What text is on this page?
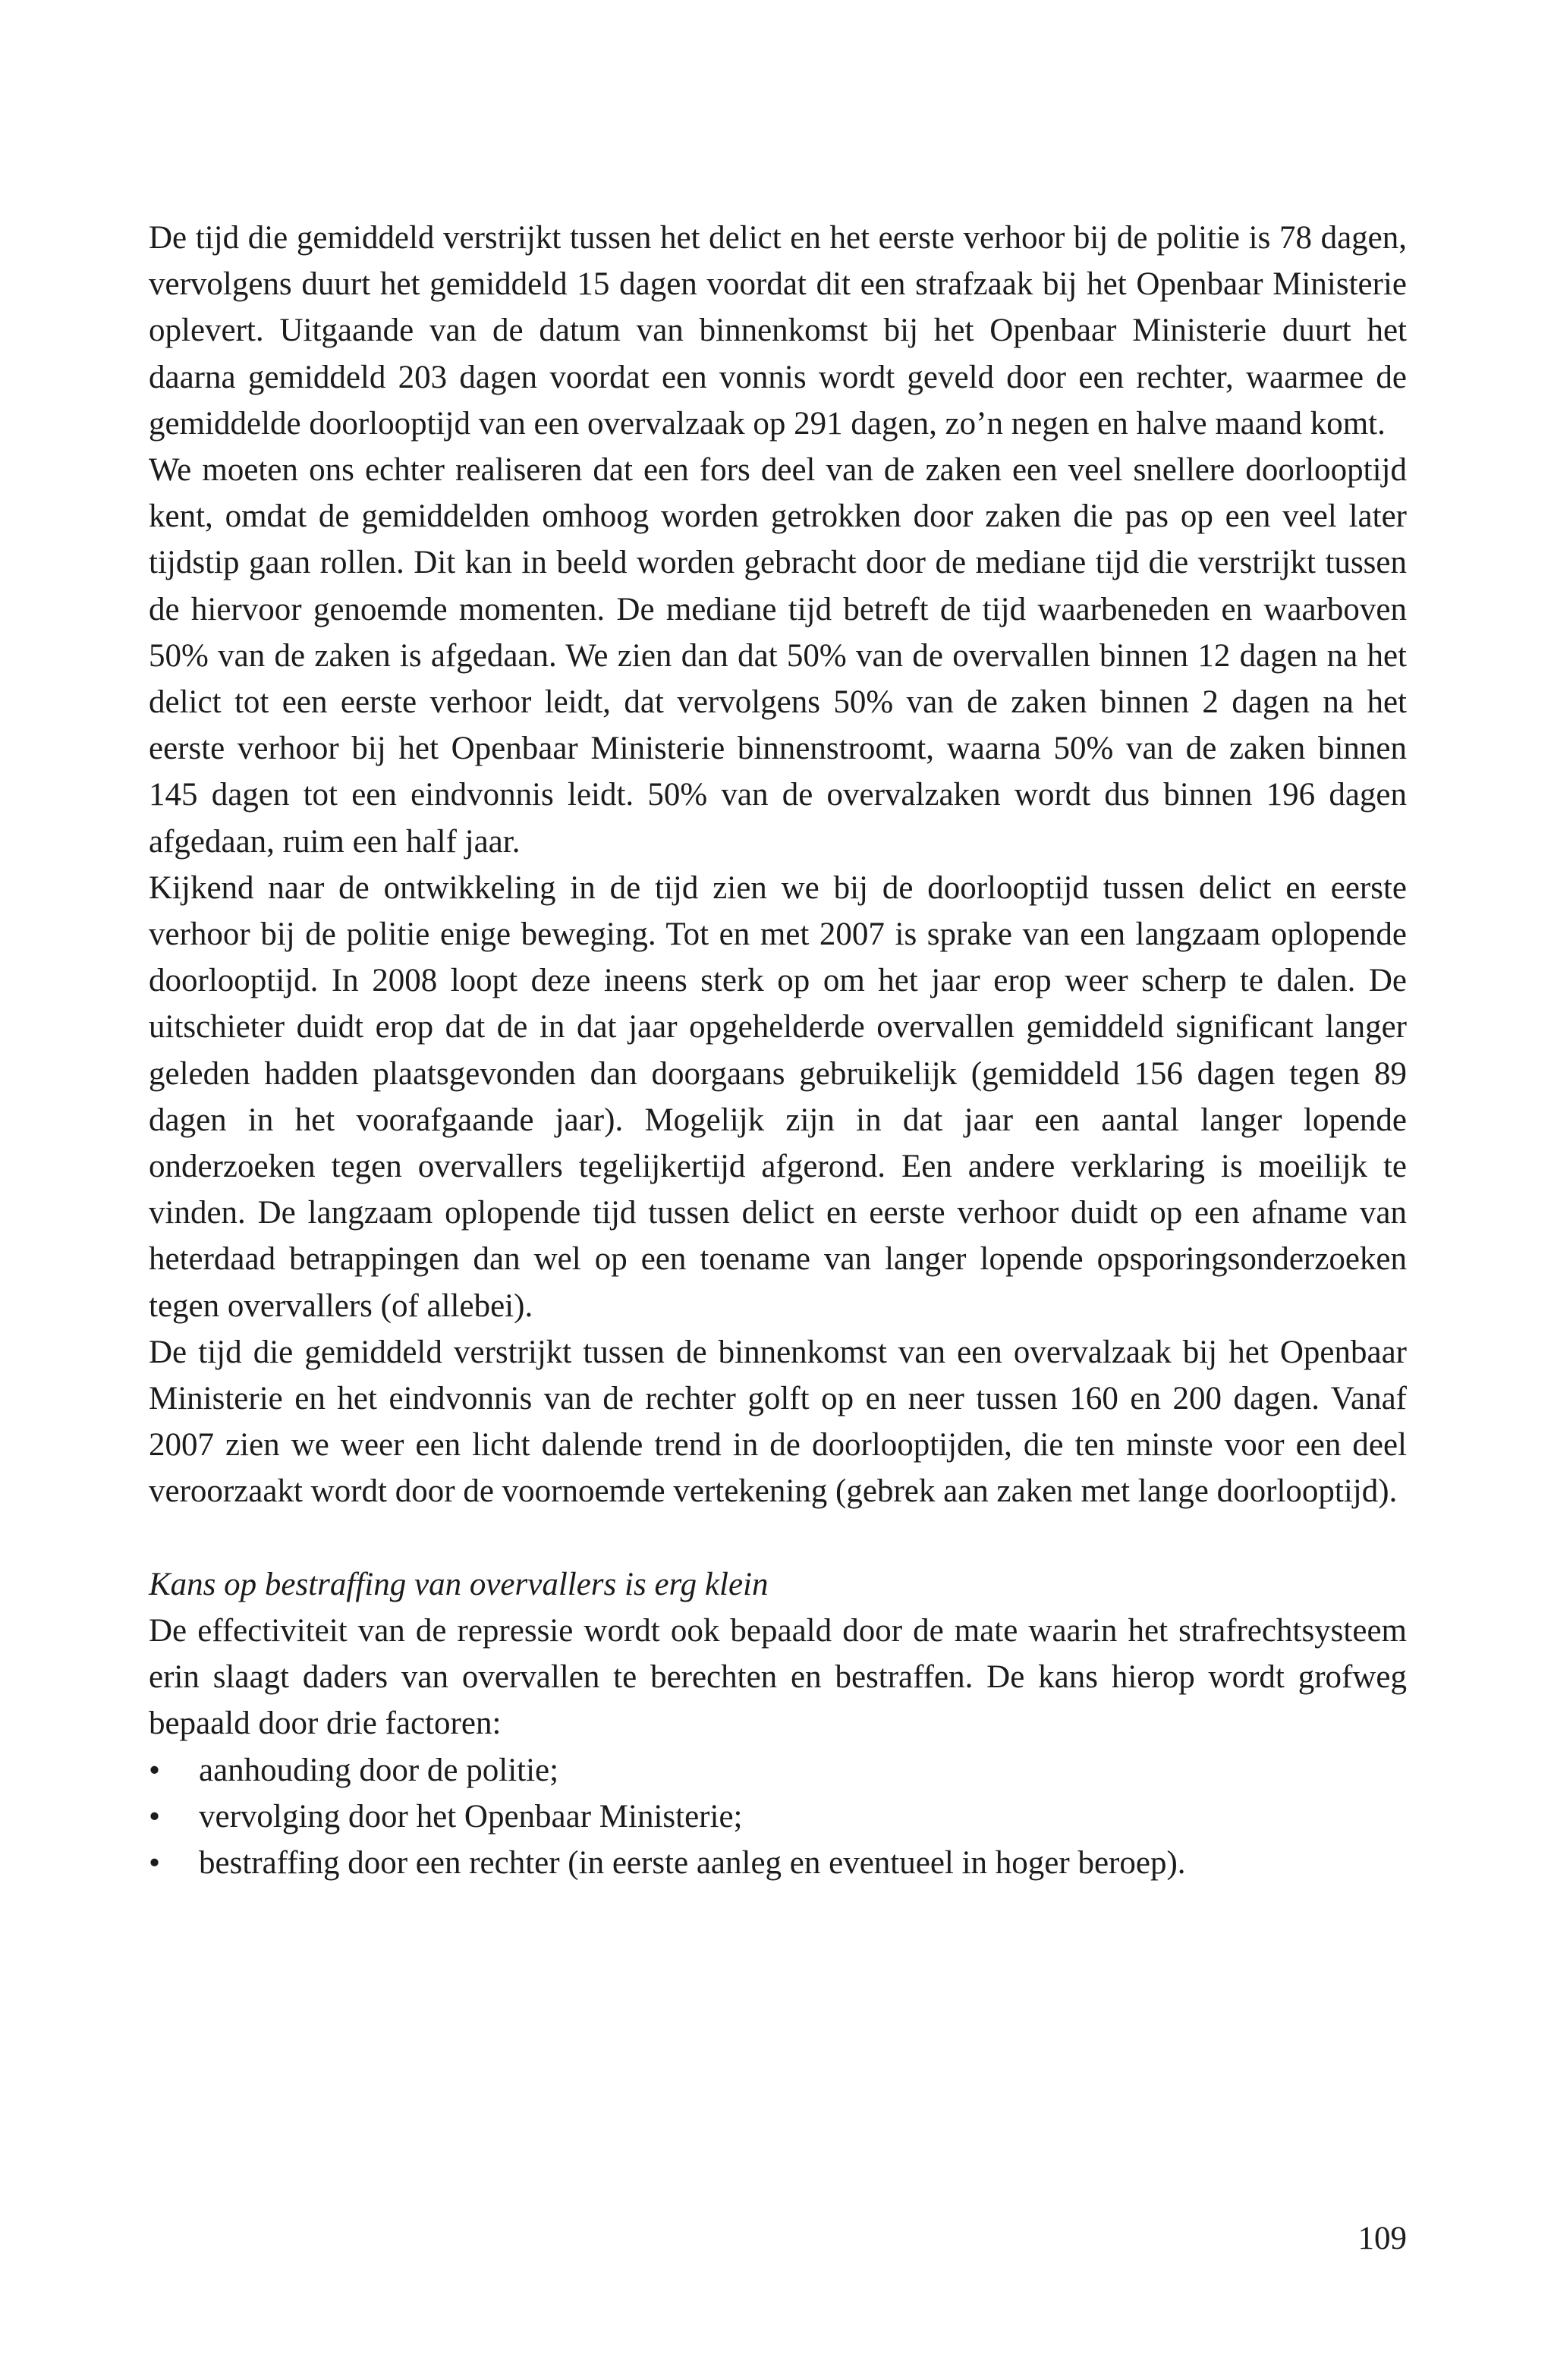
De tijd die gemiddeld verstrijkt tussen het delict en het eerste verhoor bij de politie is 78 dagen, vervolgens duurt het gemiddeld 15 dagen voordat dit een strafzaak bij het Openbaar Ministerie oplevert. Uitgaande van de datum van binnenkomst bij het Openbaar Ministerie duurt het daarna gemiddeld 203 dagen voordat een vonnis wordt geveld door een rechter, waarmee de gemiddelde doorlooptijd van een overvalzaak op 291 dagen, zo’n negen en halve maand komt.

We moeten ons echter realiseren dat een fors deel van de zaken een veel snellere doorlooptijd kent, omdat de gemiddelden omhoog worden getrokken door zaken die pas op een veel later tijdstip gaan rollen. Dit kan in beeld worden gebracht door de mediane tijd die verstrijkt tussen de hiervoor genoemde momenten. De mediane tijd betreft de tijd waarbeneden en waarboven 50% van de zaken is afgedaan. We zien dan dat 50% van de overvallen binnen 12 dagen na het delict tot een eerste verhoor leidt, dat vervolgens 50% van de zaken binnen 2 dagen na het eerste verhoor bij het Openbaar Ministerie binnenstroomt, waarna 50% van de zaken binnen 145 dagen tot een eindvonnis leidt. 50% van de overvalzaken wordt dus binnen 196 dagen afgedaan, ruim een half jaar.

Kijkend naar de ontwikkeling in de tijd zien we bij de doorlooptijd tussen delict en eerste verhoor bij de politie enige beweging. Tot en met 2007 is sprake van een langzaam oplopende doorlooptijd. In 2008 loopt deze ineens sterk op om het jaar erop weer scherp te dalen. De uitschieter duidt erop dat de in dat jaar opgehelderde overvallen gemiddeld significant langer geleden hadden plaatsgevonden dan doorgaans gebruikelijk (gemiddeld 156 dagen tegen 89 dagen in het voorafgaande jaar). Mogelijk zijn in dat jaar een aantal langer lopende onderzoeken tegen overvallers tegelijkertijd afgerond. Een andere verklaring is moeilijk te vinden. De langzaam oplopende tijd tussen delict en eerste verhoor duidt op een afname van heterdaad betrappingen dan wel op een toename van langer lopende opsporingsonderzoeken tegen overvallers (of allebei).

De tijd die gemiddeld verstrijkt tussen de binnenkomst van een overvalzaak bij het Openbaar Ministerie en het eindvonnis van de rechter golft op en neer tussen 160 en 200 dagen. Vanaf 2007 zien we weer een licht dalende trend in de doorlooptijden, die ten minste voor een deel veroorzaakt wordt door de voornoemde vertekening (gebrek aan zaken met lange doorlooptijd).

Kans op bestraffing van overvallers is erg klein

De effectiviteit van de repressie wordt ook bepaald door de mate waarin het strafrechtsysteem erin slaagt daders van overvallen te berechten en bestraffen. De kans hierop wordt grofweg bepaald door drie factoren:

• aanhouding door de politie;
• vervolging door het Openbaar Ministerie;
• bestraffing door een rechter (in eerste aanleg en eventueel in hoger beroep).
109
